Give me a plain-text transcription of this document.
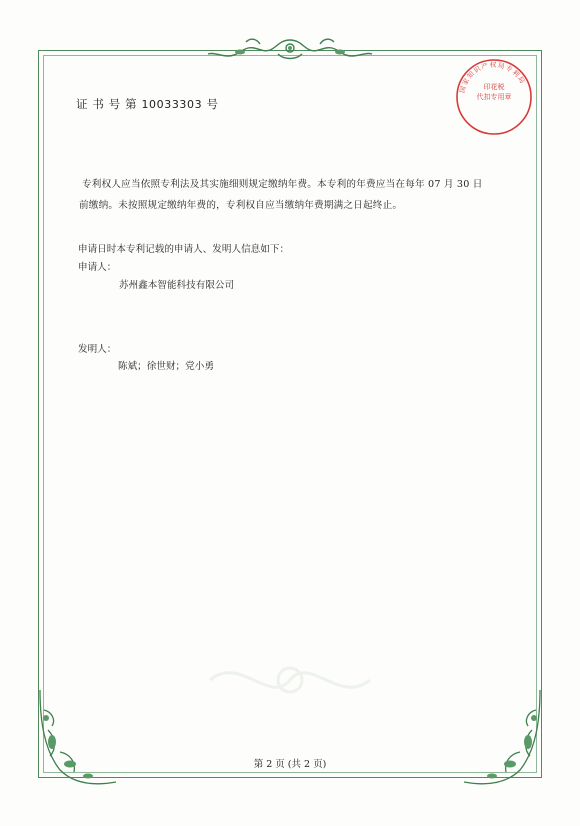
证 书 号 第 10033303 号
国家知识产权局专利局
印花税
代扣专用章
专利权人应当依照专利法及其实施细则规定缴纳年费。本专利的年费应当在每年 07 月 30 日
前缴纳。未按照规定缴纳年费的，专利权自应当缴纳年费期满之日起终止。
申请日时本专利记载的申请人、发明人信息如下：
申请人：
苏州鑫本智能科技有限公司
发明人：
陈斌；徐世财；党小勇
第 2 页 (共 2 页)
